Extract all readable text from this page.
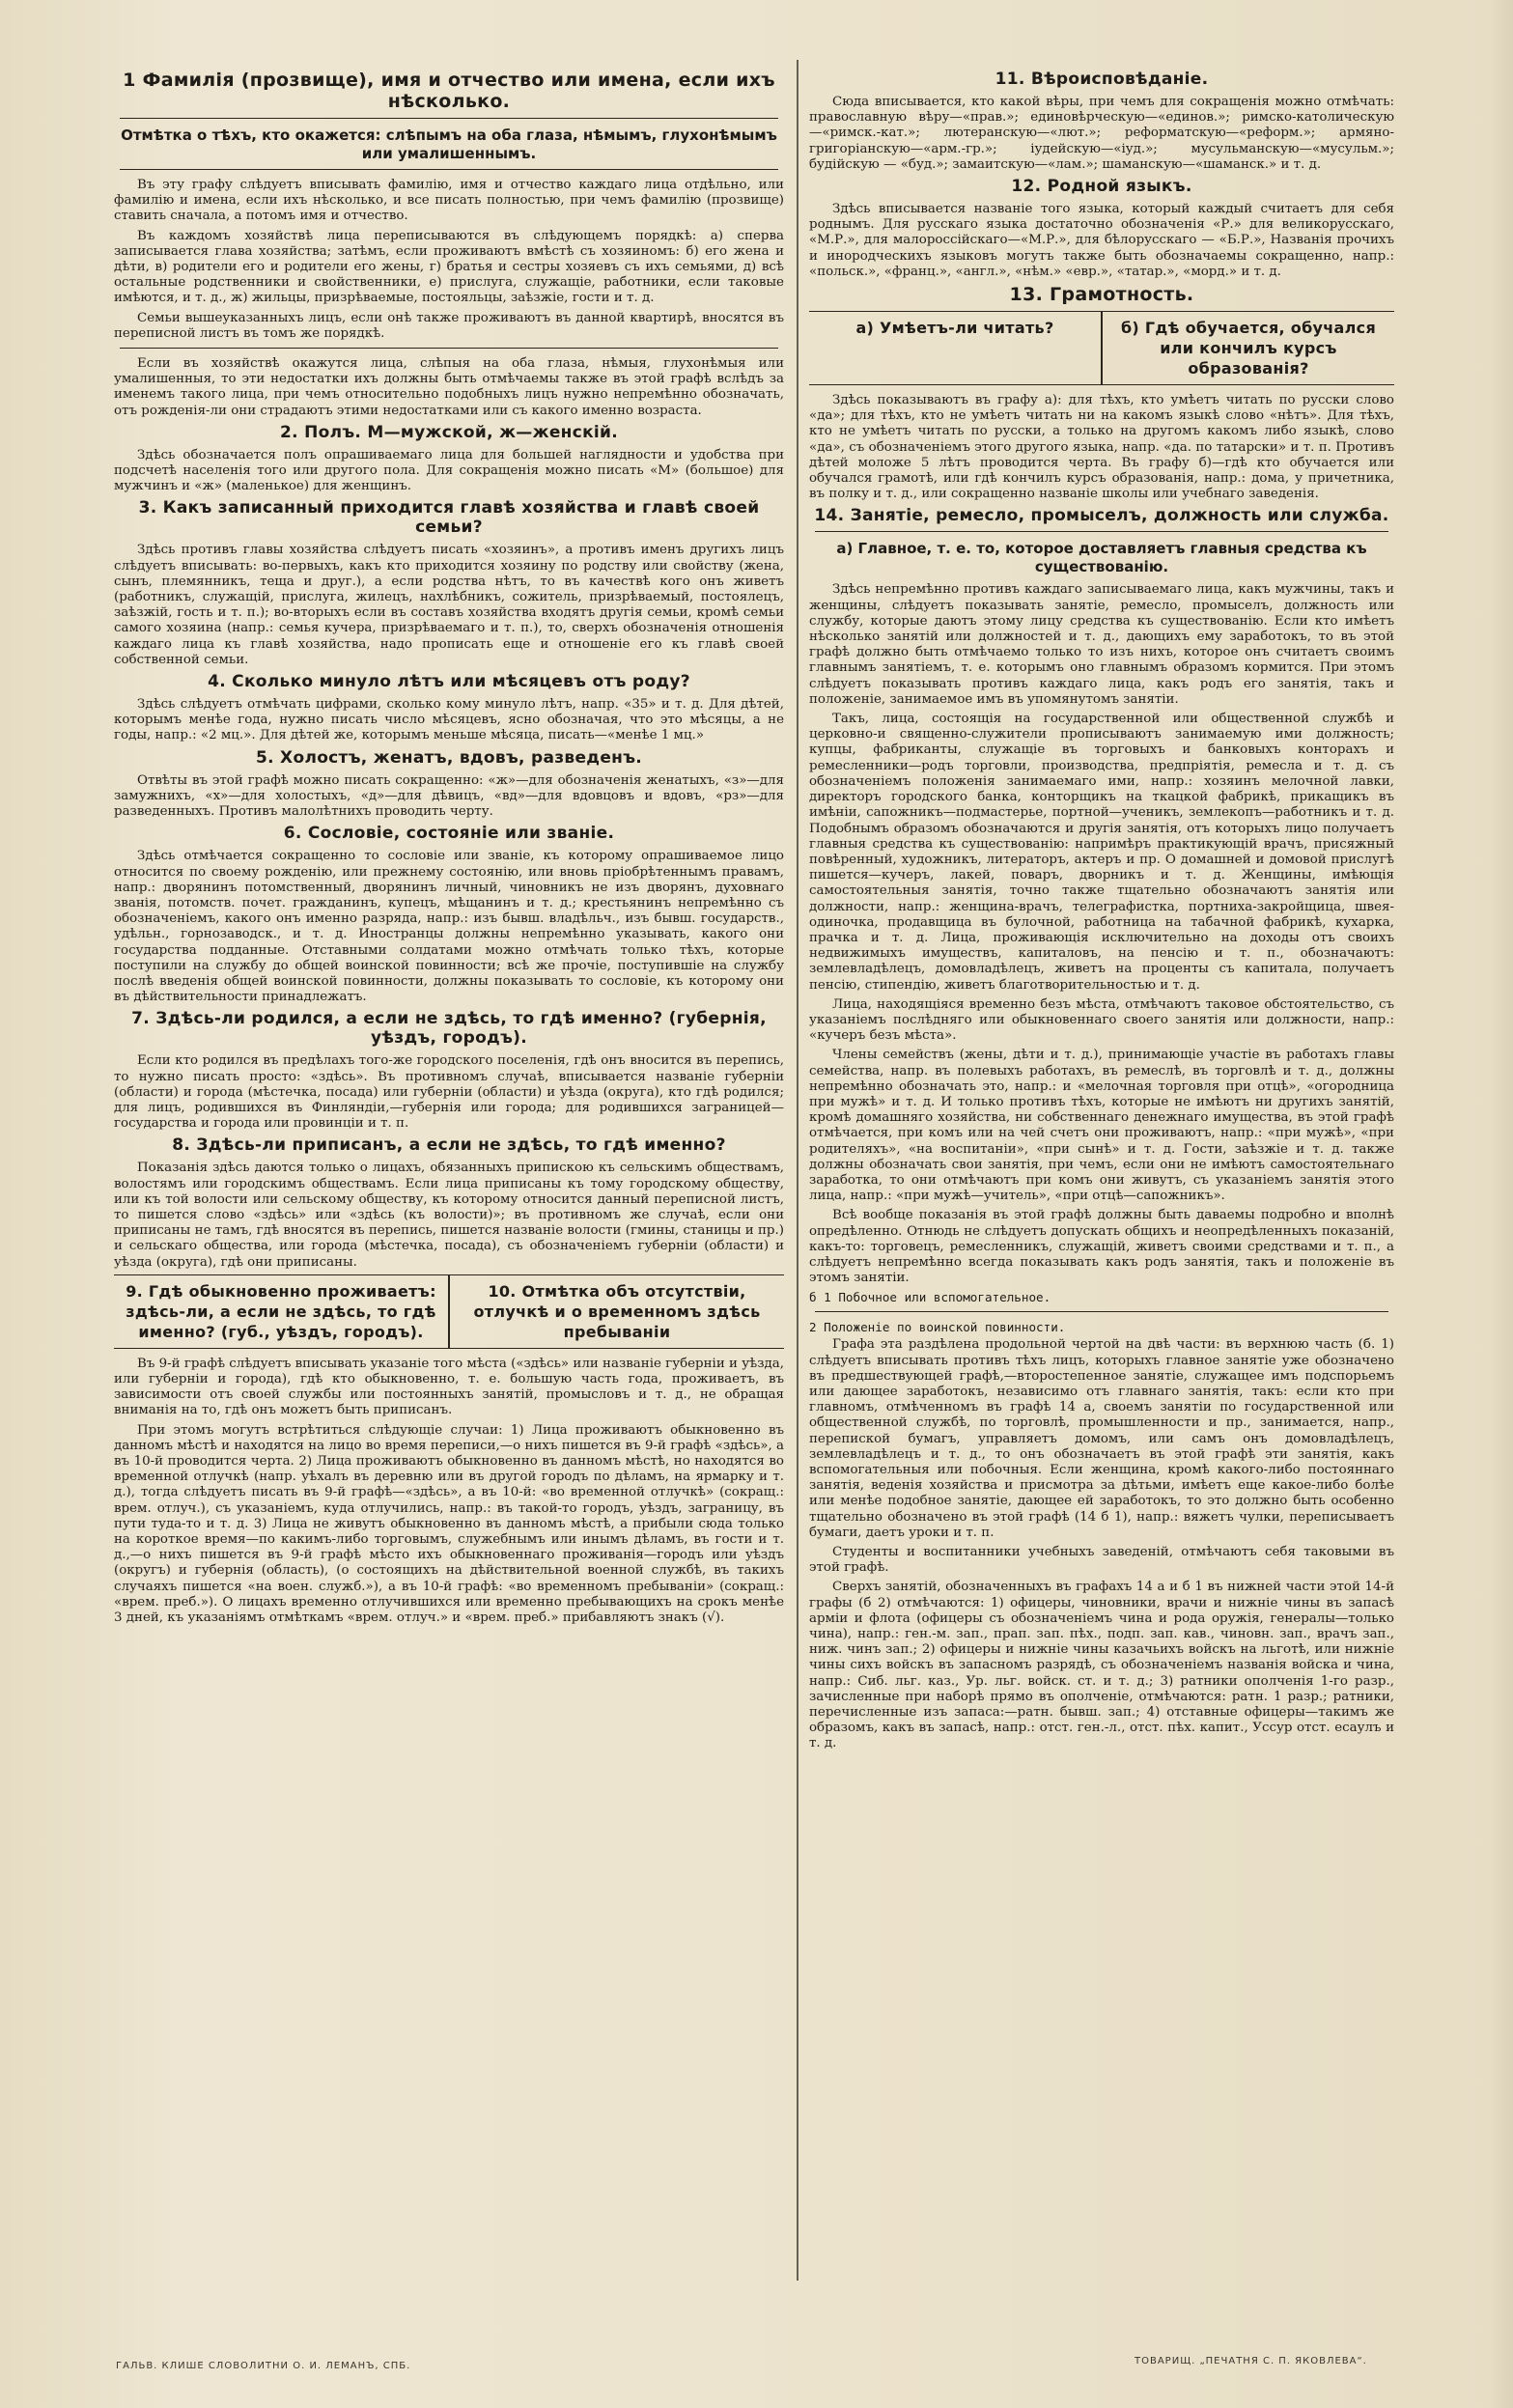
1 Фамилія (прозвище), имя и отчество или имена, если ихъ нѣсколько.
Отмѣтка о тѣхъ, кто окажется: слѣпымъ на оба глаза, нѣмымъ, глухонѣмымъ или умалишеннымъ.

Въ эту графу слѣдуетъ вписывать фамилію, имя и отчество каждаго лица отдѣльно, или фамилію и имена, если ихъ нѣсколько, и все писать полностью, при чемъ фамилію (прозвище) ставить сначала, а потомъ имя и отчество.

Въ каждомъ хозяйствѣ лица переписываются въ слѣдующемъ порядкѣ: а) сперва записывается глава хозяйства; затѣмъ, если проживаютъ вмѣстѣ съ хозяиномъ: б) его жена и дѣти, в) родители его и родители его жены, г) братья и сестры хозяевъ съ ихъ семьями, д) всѣ остальные родственники и свойственники, е) прислуга, служащіе, работники, если таковые имѣются, и т. д., ж) жильцы, призрѣваемые, постояльцы, заѣзжіе, гости и т. д.

Семьи вышеуказанныхъ лицъ, если онѣ также проживаютъ въ данной квартирѣ, вносятся въ переписной листъ въ томъ же порядкѣ.

Если въ хозяйствѣ окажутся лица, слѣпыя на оба глаза, нѣмыя, глухонѣмыя или умалишенныя, то эти недостатки ихъ должны быть отмѣчаемы также въ этой графѣ вслѣдъ за именемъ такого лица, при чемъ относительно подобныхъ лицъ нужно непремѣнно обозначать, отъ рожденія-ли они страдаютъ этими недостатками или съ какого именно возраста.

2. Полъ. М—мужской, ж—женскій.

Здѣсь обозначается полъ опрашиваемаго лица для большей наглядности и удобства при подсчетѣ населенія того или другого пола. Для сокращенія можно писать «М» (большое) для мужчинъ и «ж» (маленькое) для женщинъ.

3. Какъ записанный приходится главѣ хозяйства и главѣ своей семьи?

Здѣсь противъ главы хозяйства слѣдуетъ писать «хозяинъ», а противъ именъ другихъ лицъ слѣдуетъ вписывать: во-первыхъ, какъ кто приходится хозяину по родству или свойству (жена, сынъ, племянникъ, теща и друг.), а если родства нѣтъ, то въ качествѣ кого онъ живетъ (работникъ, служащій, прислуга, жилецъ, нахлѣбникъ, сожитель, призрѣваемый, постоялецъ, заѣзжій, гость и т. п.); во-вторыхъ если въ составъ хозяйства входятъ другія семьи, кромѣ семьи самого хозяина (напр.: семья кучера, призрѣваемаго и т. п.), то, сверхъ обозначенія отношенія каждаго лица къ главѣ хозяйства, надо прописать еще и отношеніе его къ главѣ своей собственной семьи.

4. Сколько минуло лѣтъ или мѣсяцевъ отъ роду?

Здѣсь слѣдуетъ отмѣчать цифрами, сколько кому минуло лѣтъ, напр. «35» и т. д. Для дѣтей, которымъ менѣе года, нужно писать число мѣсяцевъ, ясно обозначая, что это мѣсяцы, а не годы, напр.: «2 мц.». Для дѣтей же, которымъ меньше мѣсяца, писать—«менѣе 1 мц.»

5. Холостъ, женатъ, вдовъ, разведенъ.

Отвѣты въ этой графѣ можно писать сокращенно: «ж»—для обозначенія женатыхъ, «з»—для замужнихъ, «х»—для холостыхъ, «д»—для дѣвицъ, «вд»—для вдовцовъ и вдовъ, «рз»—для разведенныхъ. Противъ малолѣтнихъ проводить черту.

6. Сословіе, состояніе или званіе.

Здѣсь отмѣчается сокращенно то сословіе или званіе, къ которому опрашиваемое лицо относится по своему рожденію, или прежнему состоянію, или вновь пріобрѣтеннымъ правамъ, напр.: дворянинъ потомственный, дворянинъ личный, чиновникъ не изъ дворянъ, духовнаго званія, потомств. почет. гражданинъ, купецъ, мѣщанинъ и т. д.; крестьянинъ непремѣнно съ обозначеніемъ, какого онъ именно разряда, напр.: изъ бывш. владѣльч., изъ бывш. государств., удѣльн., горнозаводск., и т. д. Иностранцы должны непремѣнно указывать, какого они государства подданные. Отставными солдатами можно отмѣчать только тѣхъ, которые поступили на службу до общей воинской повинности; всѣ же прочіе, поступившіе на службу послѣ введенія общей воинской повинности, должны показывать то сословіе, къ которому они въ дѣйствительности принадлежатъ.

7. Здѣсь-ли родился, а если не здѣсь, то гдѣ именно? (губернія, уѣздъ, городъ).

Если кто родился въ предѣлахъ того-же городского поселенія, гдѣ онъ вносится въ перепись, то нужно писать просто: «здѣсь». Въ противномъ случаѣ, вписывается названіе губерніи (области) и города (мѣстечка, посада) или губерніи (области) и уѣзда (округа), кто гдѣ родился; для лицъ, родившихся въ Финляндіи,—губернія или города; для родившихся заграницей—государства и города или провинціи и т. п.

8. Здѣсь-ли приписанъ, а если не здѣсь, то гдѣ именно?

Показанія здѣсь даются только о лицахъ, обязанныхъ припискою къ сельскимъ обществамъ, волостямъ или городскимъ обществамъ. Если лица приписаны къ тому городскому обществу, или къ той волости или сельскому обществу, къ которому относится данный переписной листъ, то пишется слово «здѣсь» или «здѣсь (къ волости)»; въ противномъ же случаѣ, если они приписаны не тамъ, гдѣ вносятся въ перепись, пишется названіе волости (гмины, станицы и пр.) и сельскаго общества, или города (мѣстечка, посада), съ обозначеніемъ губерніи (области) и уѣзда (округа), гдѣ они приписаны.

9. Гдѣ обыкновенно проживаетъ: здѣсь-ли, а если не здѣсь, то гдѣ именно? (губ., уѣздъ, городъ).
10. Отмѣтка объ отсутствіи, отлучкѣ и о временномъ здѣсь пребываніи

Въ 9-й графѣ слѣдуетъ вписывать указаніе того мѣста («здѣсь» или названіе губерніи и уѣзда, или губерніи и города), гдѣ кто обыкновенно, т. е. большую часть года, проживаетъ, въ зависимости отъ своей службы или постоянныхъ занятій, промысловъ и т. д., не обращая вниманія на то, гдѣ онъ можетъ быть приписанъ.

При этомъ могутъ встрѣтиться слѣдующіе случаи: 1) Лица проживаютъ обыкновенно въ данномъ мѣстѣ и находятся на лицо во время переписи,—о нихъ пишется въ 9-й графѣ «здѣсь», а въ 10-й проводится черта. 2) Лица проживаютъ обыкновенно въ данномъ мѣстѣ, но находятся во временной отлучкѣ (напр. уѣхалъ въ деревню или въ другой городъ по дѣламъ, на ярмарку и т. д.), тогда слѣдуетъ писать въ 9-й графѣ—«здѣсь», а въ 10-й: «во временной отлучкѣ» (сокращ.: врем. отлуч.), съ указаніемъ, куда отлучились, напр.: въ такой-то городъ, уѣздъ, заграницу, въ пути туда-то и т. д. 3) Лица не живутъ обыкновенно въ данномъ мѣстѣ, а прибыли сюда только на короткое время—по какимъ-либо торговымъ, служебнымъ или инымъ дѣламъ, въ гости и т. д.,—о нихъ пишется въ 9-й графѣ мѣсто ихъ обыкновеннаго проживанія—городъ или уѣздъ (округъ) и губернія (область), (о состоящихъ на дѣйствительной военной службѣ, въ такихъ случаяхъ пишется «на воен. служб.»), а въ 10-й графѣ: «во временномъ пребываніи» (сокращ.: «врем. преб.»). О лицахъ временно отлучившихся или временно пребывающихъ на срокъ менѣе 3 дней, къ указаніямъ отмѣткамъ «врем. отлуч.» и «врем. преб.» прибавляютъ знакъ (√).

11. Вѣроисповѣданіе.

Сюда вписывается, кто какой вѣры, при чемъ для сокращенія можно отмѣчать: православную вѣру—«прав.»; единовѣрческую—«единов.»; римско-католическую—«римск.-кат.»; лютеранскую—«лют.»; реформатскую—«реформ.»; армяно-григоріанскую—«арм.-гр.»; іудейскую—«іуд.»; мусульманскую—«мусульм.»; будійскую — «буд.»; замаитскую—«лам.»; шаманскую—«шаманск.» и т. д.

12. Родной языкъ.

Здѣсь вписывается названіе того языка, который каждый считаетъ для себя роднымъ. Для русскаго языка достаточно обозначенія «Р.» для великорусскаго, «М.Р.», для малороссійскаго—«М.Р.», для бѣлорусскаго — «Б.Р.», Названія прочихъ и инородческихъ языковъ могутъ также быть обозначаемы сокращенно, напр.: «польск.», «франц.», «англ.», «нѣм.» «евр.», «татар.», «морд.» и т. д.

13. Грамотность.
а) Умѣетъ-ли читать?	б) Гдѣ обучается, обучался или кончилъ курсъ образованія?

Здѣсь показываютъ въ графу а): для тѣхъ, кто умѣетъ читать по русски слово «да»; для тѣхъ, кто не умѣетъ читать ни на какомъ языкѣ слово «нѣтъ». Для тѣхъ, кто не умѣетъ читать по русски, а только на другомъ какомъ либо языкѣ, слово «да», съ обозначеніемъ этого другого языка, напр. «да. по татарски» и т. п. Противъ дѣтей моложе 5 лѣтъ проводится черта. Въ графу б)—гдѣ кто обучается или обучался грамотѣ, или гдѣ кончилъ курсъ образованія, напр.: дома, у причетника, въ полку и т. д., или сокращенно названіе школы или учебнаго заведенія.

14. Занятіе, ремесло, промыселъ, должность или служба.
а) Главное, т. е. то, которое доставляетъ главныя средства къ существованію.

Здѣсь непремѣнно противъ каждаго записываемаго лица, какъ мужчины, такъ и женщины, слѣдуетъ показывать занятіе, ремесло, промыселъ, должность или службу, которые даютъ этому лицу средства къ существованію. Если кто имѣетъ нѣсколько занятій или должностей и т. д., дающихъ ему заработокъ, то въ этой графѣ должно быть отмѣчаемо только то изъ нихъ, которое онъ считаетъ своимъ главнымъ занятіемъ, т. е. которымъ оно главнымъ образомъ кормится. При этомъ слѣдуетъ показывать противъ каждаго лица, какъ родъ его занятія, такъ и положеніе, занимаемое имъ въ упомянутомъ занятіи.

Такъ, лица, состоящія на государственной или общественной службѣ и церковно-и священно-служители прописываютъ занимаемую ими должность; купцы, фабриканты, служащіе въ торговыхъ и банковыхъ конторахъ и ремесленники—родъ торговли, производства, предпріятія, ремесла и т. д. съ обозначеніемъ положенія занимаемаго ими, напр.: хозяинъ мелочной лавки, директоръ городского банка, конторщикъ на ткацкой фабрикѣ, прикащикъ въ имѣніи, сапожникъ—подмастерье, портной—ученикъ, землекопъ—работникъ и т. д. Подобнымъ образомъ обозначаются и другія занятія, отъ которыхъ лицо получаетъ главныя средства къ существованію: напримѣръ практикующій врачъ, присяжный повѣренный, художникъ, литераторъ, актеръ и пр. О домашней и домовой прислугѣ пишется—кучеръ, лакей, поваръ, дворникъ и т. д. Женщины, имѣющія самостоятельныя занятія, точно также тщательно обозначаютъ занятія или должности, напр.: женщина-врачъ, телеграфистка, портниха-закройщица, швея-одиночка, продавщица въ булочной, работница на табачной фабрикѣ, кухарка, прачка и т. д. Лица, проживающія исключительно на доходы отъ своихъ недвижимыхъ имуществъ, капиталовъ, на пенсію и т. п., обозначаютъ: землевладѣлецъ, домовладѣлецъ, живетъ на проценты съ капитала, получаетъ пенсію, стипендію, живетъ благотворительностью и т. д.

Лица, находящіяся временно безъ мѣста, отмѣчаютъ таковое обстоятельство, съ указаніемъ послѣдняго или обыкновеннаго своего занятія или должности, напр.: «кучеръ безъ мѣста».

Члены семействъ (жены, дѣти и т. д.), принимающіе участіе въ работахъ главы семейства, напр. въ полевыхъ работахъ, въ ремеслѣ, въ торговлѣ и т. д., должны непремѣнно обозначать это, напр.: и «мелочная торговля при отцѣ», «огородница при мужѣ» и т. д. И только противъ тѣхъ, которые не имѣютъ ни другихъ занятій, кромѣ домашняго хозяйства, ни собственнаго денежнаго имущества, въ этой графѣ отмѣчается, при комъ или на чей счетъ они проживаютъ, напр.: «при мужѣ», «при родителяхъ», «на воспитаніи», «при сынѣ» и т. д. Гости, заѣзжіе и т. д. также должны обозначать свои занятія, при чемъ, если они не имѣютъ самостоятельнаго заработка, то они отмѣчаютъ при комъ они живутъ, съ указаніемъ занятія этого лица, напр.: «при мужѣ—учитель», «при отцѣ—сапожникъ».

Всѣ вообще показанія въ этой графѣ должны быть даваемы подробно и вполнѣ опредѣленно. Отнюдь не слѣдуетъ допускать общихъ и неопредѣленныхъ показаній, какъ-то: торговецъ, ремесленникъ, служащій, живетъ своими средствами и т. п., а слѣдуетъ непремѣнно всегда показывать какъ родъ занятія, такъ и положеніе въ этомъ занятіи.

б 1 Побочное или вспомогательное.
2 Положеніе по воинской повинности.

Графа эта раздѣлена продольной чертой на двѣ части: въ верхнюю часть (б. 1) слѣдуетъ вписывать противъ тѣхъ лицъ, которыхъ главное занятіе уже обозначено въ предшествующей графѣ,—второстепенное занятіе, служащее имъ подспорьемъ или дающее заработокъ, независимо отъ главнаго занятія, такъ: если кто при главномъ, отмѣченномъ въ графѣ 14 а, своемъ занятіи по государственной или общественной службѣ, по торговлѣ, промышленности и пр., занимается, напр., перепиской бумагъ, управляетъ домомъ, или самъ онъ домовладѣлецъ, землевладѣлецъ и т. д., то онъ обозначаетъ въ этой графѣ эти занятія, какъ вспомогательныя или побочныя. Если женщина, кромѣ какого-либо постояннаго занятія, веденія хозяйства и присмотра за дѣтьми, имѣетъ еще какое-либо болѣе или менѣе подобное занятіе, дающее ей заработокъ, то это должно быть особенно тщательно обозначено въ этой графѣ (14 б 1), напр.: вяжетъ чулки, переписываетъ бумаги, даетъ уроки и т. п.

Студенты и воспитанники учебныхъ заведеній, отмѣчаютъ себя таковыми въ этой графѣ.

Сверхъ занятій, обозначенныхъ въ графахъ 14 а и б 1 въ нижней части этой 14-й графы (б 2) отмѣчаются: 1) офицеры, чиновники, врачи и нижніе чины въ запасѣ арміи и флота (офицеры съ обозначеніемъ чина и рода оружія, генералы—только чина), напр.: ген.-м. зап., прап. зап. пѣх., подп. зап. кав., чиновн. зап., врачъ зап., ниж. чинъ зап.; 2) офицеры и нижніе чины казачьихъ войскъ на льготѣ, или нижніе чины сихъ войскъ въ запасномъ разрядѣ, съ обозначеніемъ названія войска и чина, напр.: Сиб. льг. каз., Ур. льг. войск. ст. и т. д.; 3) ратники ополченія 1-го разр., зачисленные при наборѣ прямо въ ополченіе, отмѣчаются: ратн. 1 разр.; ратники, перечисленные изъ запаса:—ратн. бывш. зап.; 4) отставные офицеры—такимъ же образомъ, какъ въ запасѣ, напр.: отст. ген.-л., отст. пѣх. капит., Уссур отст. есаулъ и т. д.

ГАЛЬВ. КЛИШЕ СЛОВОЛИТНИ О. И. ЛЕМАНЪ, СПБ.	ТОВАРИЩ. „ПЕЧАТНЯ С. П. ЯКОВЛЕВА“.
